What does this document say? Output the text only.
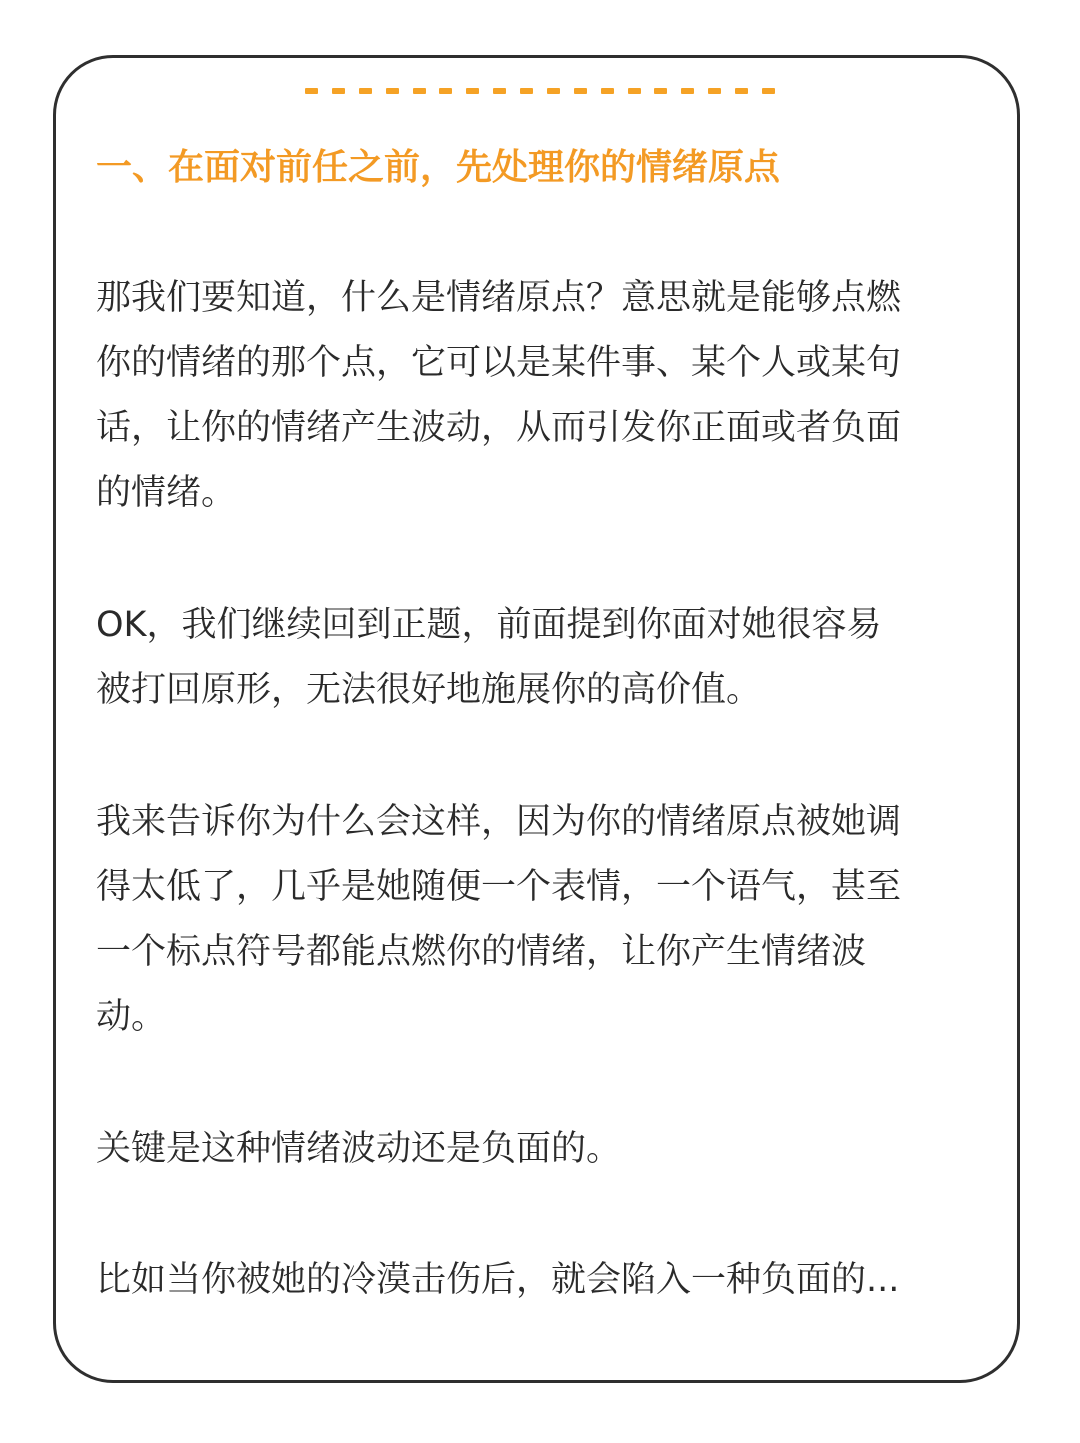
一、在面对前任之前，先处理你的情绪原点

那我们要知道，什么是情绪原点？意思就是能够点燃
你的情绪的那个点，它可以是某件事、某个人或某句
话，让你的情绪产生波动，从而引发你正面或者负面
的情绪。

OK，我们继续回到正题，前面提到你面对她很容易
被打回原形，无法很好地施展你的高价值。

我来告诉你为什么会这样，因为你的情绪原点被她调
得太低了，几乎是她随便一个表情，一个语气，甚至
一个标点符号都能点燃你的情绪，让你产生情绪波
动。

关键是这种情绪波动还是负面的。

比如当你被她的冷漠击伤后，就会陷入一种负面的...
